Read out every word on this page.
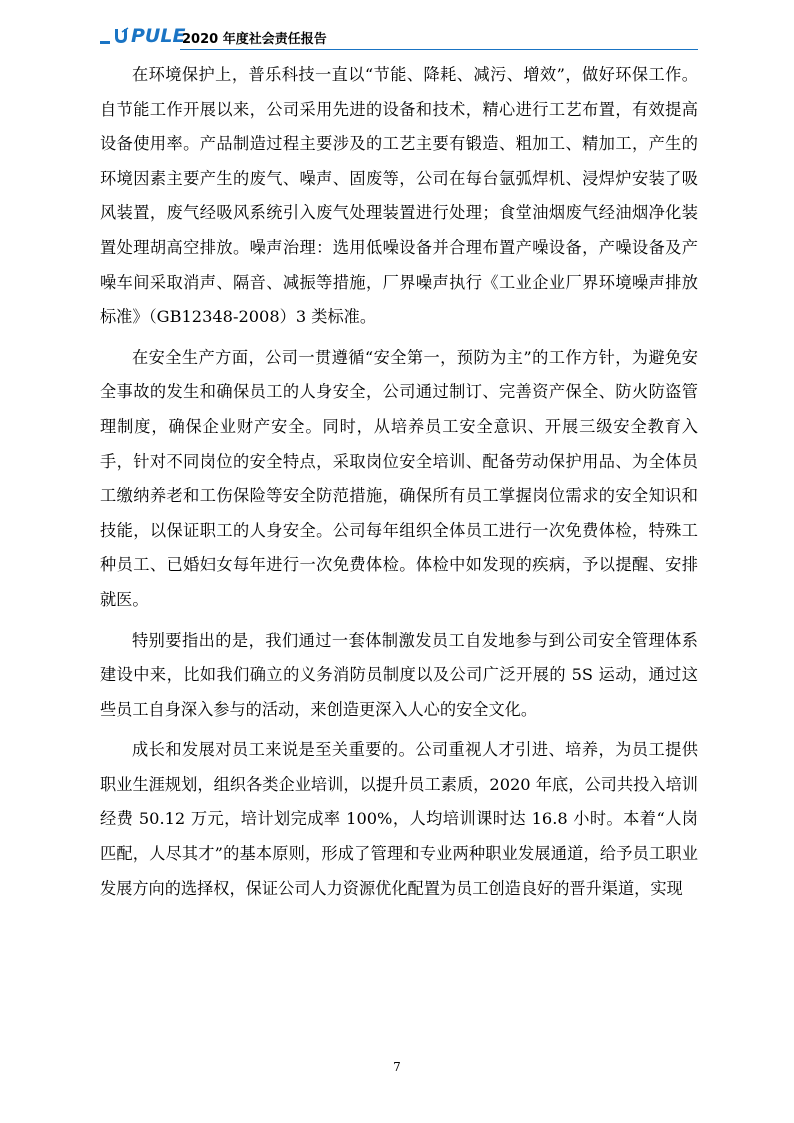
PULE
2020 年度社会责任报告

在环境保护上，普乐科技一直以“节能、降耗、减污、增效”，做好环保工作。自节能工作开展以来，公司采用先进的设备和技术，精心进行工艺布置，有效提高设备使用率。产品制造过程主要涉及的工艺主要有锻造、粗加工、精加工，产生的环境因素主要产生的废气、噪声、固废等，公司在每台氩弧焊机、浸焊炉安装了吸风装置，废气经吸风系统引入废气处理装置进行处理；食堂油烟废气经油烟净化装置处理胡高空排放。噪声治理：选用低噪设备并合理布置产噪设备，产噪设备及产噪车间采取消声、隔音、减振等措施，厂界噪声执行《工业企业厂界环境噪声排放标准》（GB12348-2008）3 类标准。

在安全生产方面，公司一贯遵循“安全第一，预防为主”的工作方针，为避免安全事故的发生和确保员工的人身安全，公司通过制订、完善资产保全、防火防盗管理制度，确保企业财产安全。同时，从培养员工安全意识、开展三级安全教育入手，针对不同岗位的安全特点，采取岗位安全培训、配备劳动保护用品、为全体员工缴纳养老和工伤保险等安全防范措施，确保所有员工掌握岗位需求的安全知识和技能，以保证职工的人身安全。公司每年组织全体员工进行一次免费体检，特殊工种员工、已婚妇女每年进行一次免费体检。体检中如发现的疾病，予以提醒、安排就医。

特别要指出的是，我们通过一套体制激发员工自发地参与到公司安全管理体系建设中来，比如我们确立的义务消防员制度以及公司广泛开展的 5S 运动，通过这些员工自身深入参与的活动，来创造更深入人心的安全文化。

成长和发展对员工来说是至关重要的。公司重视人才引进、培养，为员工提供职业生涯规划，组织各类企业培训，以提升员工素质，2020 年底，公司共投入培训经费 50.12 万元，培计划完成率 100%，人均培训课时达 16.8 小时。本着“人岗匹配，人尽其才”的基本原则，形成了管理和专业两种职业发展通道，给予员工职业发展方向的选择权，保证公司人力资源优化配置为员工创造良好的晋升渠道，实现

7
